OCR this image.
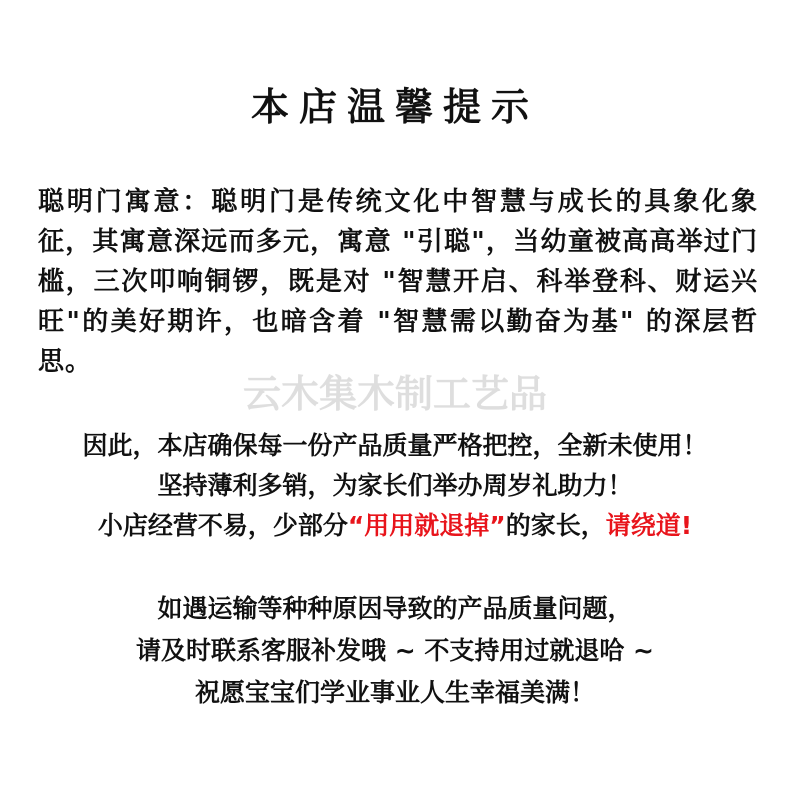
本店温馨提示
聪明门寓意：聪明门是传统文化中智慧与成长的具象化象征，其寓意深远而多元，寓意 "引聪"，当幼童被高高举过门槛，三次叩响铜锣，既是对 "智慧开启、科举登科、财运兴旺"的美好期许，也暗含着 "智慧需以勤奋为基" 的深层哲思。
云木集木制工艺品
因此，本店确保每一份产品质量严格把控，全新未使用！
坚持薄利多销，为家长们举办周岁礼助力！
小店经营不易，少部分“用用就退掉”的家长，请绕道!
如遇运输等种种原因导致的产品质量问题，
请及时联系客服补发哦 ~ 不支持用过就退哈 ~
祝愿宝宝们学业事业人生幸福美满！
